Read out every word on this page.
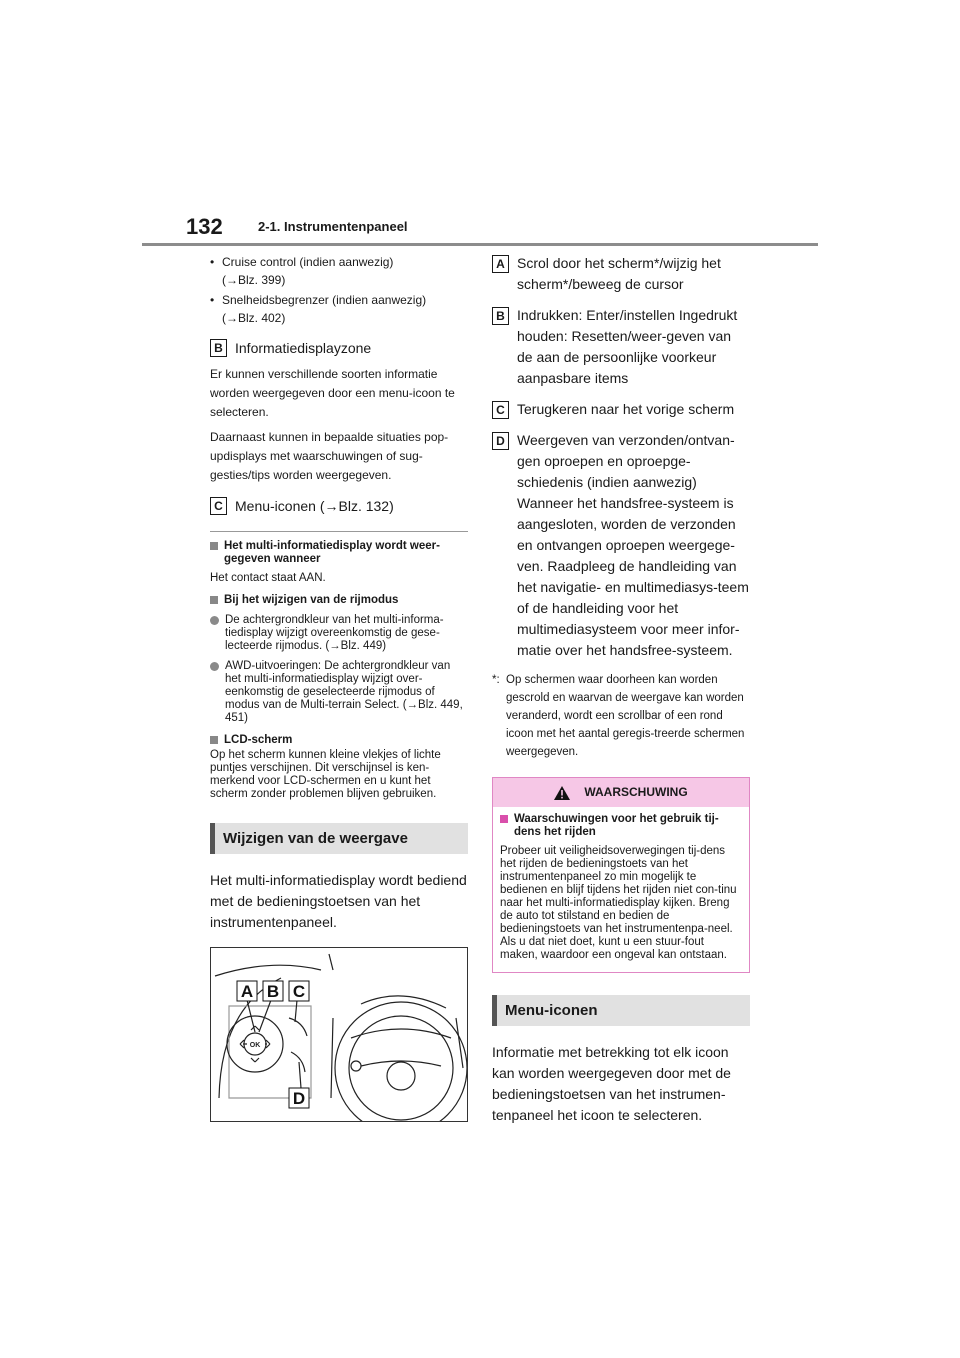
132	2-1. Instrumentenpaneel

• Cruise control (indien aanwezig)

(→Blz. 399)

• Snelheidsbegrenzer (indien aanwezig)

(→Blz. 402)

B Informatiedisplayzone

Er kunnen verschillende soorten informatie worden weergegeven door een menu-icoon te selecteren.

Daarnaast kunnen in bepaalde situaties pop-updisplays met waarschuwingen of sug-gesties/tips worden weergegeven.

C Menu-iconen (→Blz. 132)
Het multi-informatiedisplay wordt weer-gegeven wanneer

Het contact staat AAN.

Bij het wijzigen van de rijmodus
De achtergrondkleur van het multi-informa-tiedisplay wijzigt overeenkomstig de gese-lecteerde rijmodus. (→Blz. 449)
AWD-uitvoeringen: De achtergrondkleur van het multi-informatiedisplay wijzigt over-eenkomstig de geselecteerde rijmodus of modus van de Multi-terrain Select. (→Blz. 449, 451)
LCD-scherm

Op het scherm kunnen kleine vlekjes of lichte puntjes verschijnen. Dit verschijnsel is ken-merkend voor LCD-schermen en u kunt het scherm zonder problemen blijven gebruiken.

Wijzigen van de weergave

Het multi-informatiedisplay wordt bediend met de bedieningstoetsen van het instrumentenpaneel.

OK
A B C
D
A Scrol door het scherm*/wijzig het scherm*/beweeg de cursor
B Indrukken: Enter/instellen Ingedrukt houden: Resetten/weer-geven van de aan de persoonlijke voorkeur aanpasbare items
C Terugkeren naar het vorige scherm
D Weergeven van verzonden/ontvan-gen oproepen en oproepge-schiedenis (indien aanwezig) Wanneer het handsfree-systeem is aangesloten, worden de verzonden en ontvangen oproepen weergege-ven. Raadpleeg de handleiding van het navigatie- en multimediasys-teem of de handleiding voor het multimediasysteem voor meer infor-matie over het handsfree-systeem.
*: Op schermen waar doorheen kan worden gescrold en waarvan de weergave kan worden veranderd, wordt een scrollbar of een rond icoon met het aantal geregis-treerde schermen weergegeven.
WAARSCHUWING
Waarschuwingen voor het gebruik tij-dens het rijden

Probeer uit veiligheidsoverwegingen tij-dens het rijden de bedieningstoets van het instrumentenpaneel zo min mogelijk te bedienen en blijf tijdens het rijden niet con-tinu naar het multi-informatiedisplay kijken. Breng de auto tot stilstand en bedien de bedieningstoets van het instrumentenpa-neel. Als u dat niet doet, kunt u een stuur-fout maken, waardoor een ongeval kan ontstaan.

Menu-iconen

Informatie met betrekking tot elk icoon kan worden weergegeven door met de bedieningstoetsen van het instrumen-tenpaneel het icoon te selecteren.
